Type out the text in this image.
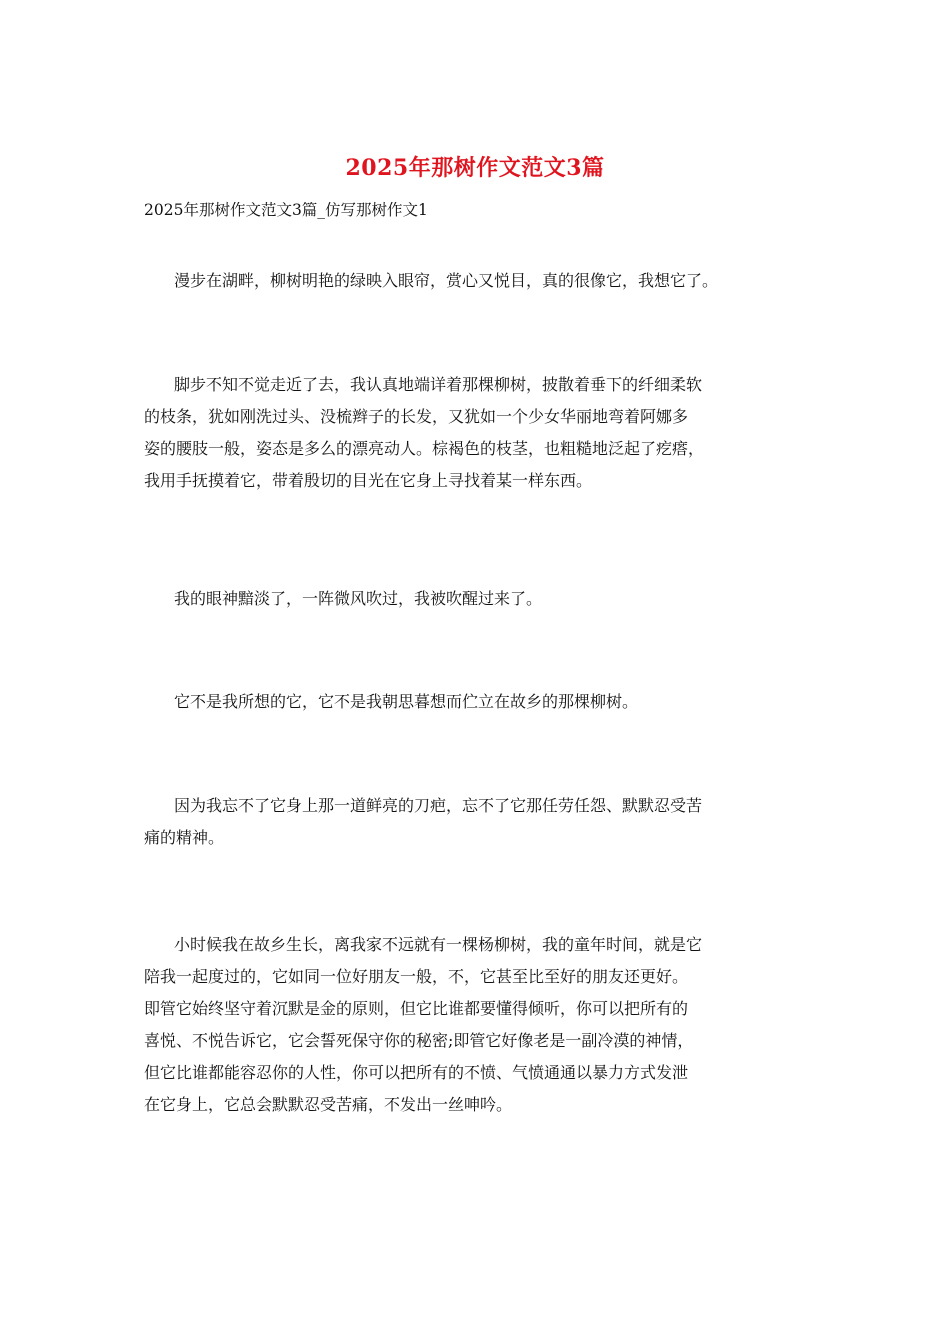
2025年那树作文范文3篇
2025年那树作文范文3篇_仿写那树作文1
漫步在湖畔，柳树明艳的绿映入眼帘，赏心又悦目，真的很像它，我想它了。
脚步不知不觉走近了去，我认真地端详着那棵柳树，披散着垂下的纤细柔软
的枝条，犹如刚洗过头、没梳辫子的长发，又犹如一个少女华丽地弯着阿娜多
姿的腰肢一般，姿态是多么的漂亮动人。棕褐色的枝茎，也粗糙地泛起了疙瘩，
我用手抚摸着它，带着殷切的目光在它身上寻找着某一样东西。
我的眼神黯淡了，一阵微风吹过，我被吹醒过来了。
它不是我所想的它，它不是我朝思暮想而伫立在故乡的那棵柳树。
因为我忘不了它身上那一道鲜亮的刀疤，忘不了它那任劳任怨、默默忍受苦
痛的精神。
小时候我在故乡生长，离我家不远就有一棵杨柳树，我的童年时间，就是它
陪我一起度过的，它如同一位好朋友一般，不，它甚至比至好的朋友还更好。
即管它始终坚守着沉默是金的原则，但它比谁都要懂得倾听，你可以把所有的
喜悦、不悦告诉它，它会誓死保守你的秘密;即管它好像老是一副冷漠的神情，
但它比谁都能容忍你的人性，你可以把所有的不愤、气愤通通以暴力方式发泄
在它身上，它总会默默忍受苦痛，不发出一丝呻吟。
